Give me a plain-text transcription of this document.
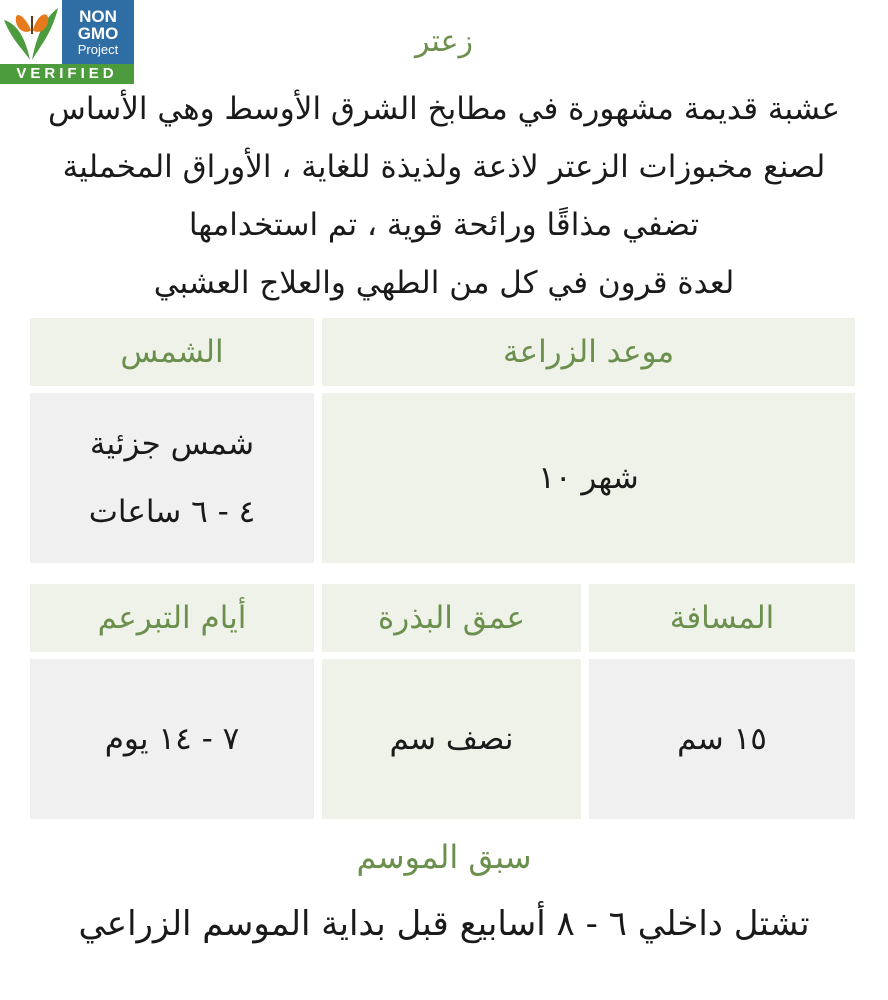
NON
GMO
Project
VERIFIED
زعتر
عشبة قديمة مشهورة في مطابخ الشرق الأوسط وهي الأساس
لصنع مخبوزات الزعتر لاذعة ولذيذة للغاية ، الأوراق المخملية
تضفي مذاقًا ورائحة قوية ، تم استخدامها
لعدة قرون في كل من الطهي والعلاج العشبي
موعد الزراعة
الشمس
شهر ١٠
شمس جزئية
٤ - ٦ ساعات
المسافة
عمق البذرة
أيام التبرعم
١٥ سم
نصف سم
٧ - ١٤ يوم
سبق الموسم
تشتل داخلي ٦ - ٨ أسابيع قبل بداية الموسم الزراعي
